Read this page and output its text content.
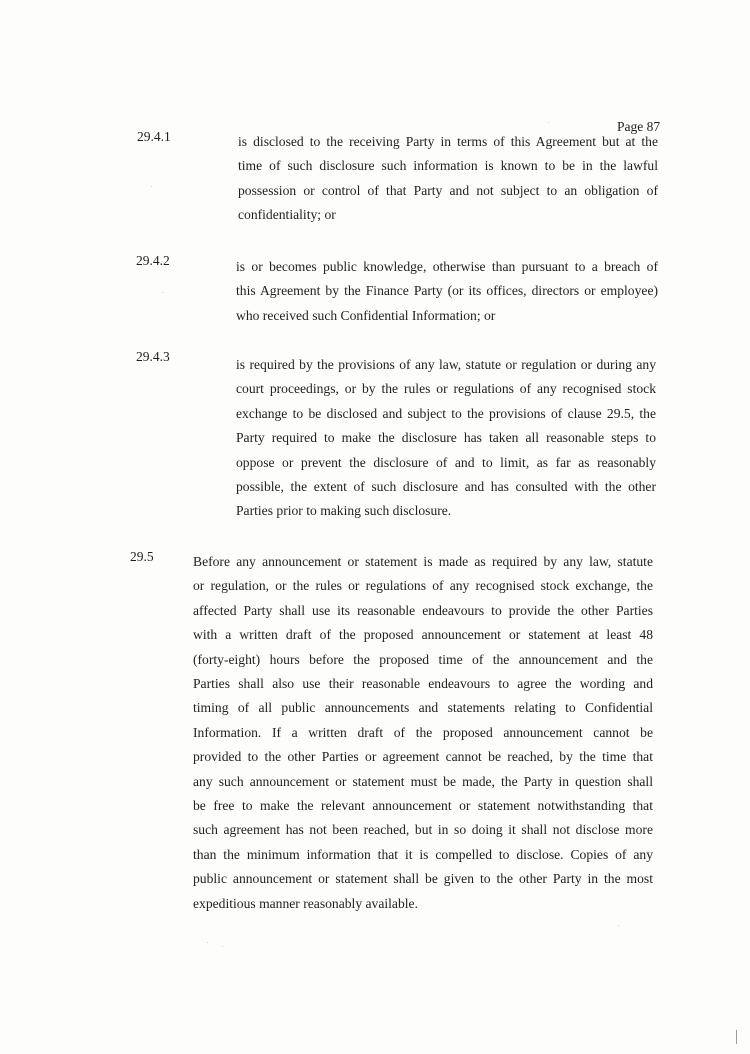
Page 87
29.4.1	is disclosed to the receiving Party in terms of this Agreement but at the
time of such disclosure such information is known to be in the lawful
possession or control of that Party and not subject to an obligation of
confidentiality; or
29.4.2	is or becomes public knowledge, otherwise than pursuant to a breach of
this Agreement by the Finance Party (or its offices, directors or employee)
who received such Confidential Information; or
29.4.3
is required by the provisions of any law, statute or regulation or during any
court proceedings, or by the rules or regulations of any recognised stock
exchange to be disclosed and subject to the provisions of clause 29.5, the
Party required to make the disclosure has taken all reasonable steps to
oppose or prevent the disclosure of and to limit, as far as reasonably
possible, the extent of such disclosure and has consulted with the other
Parties prior to making such disclosure.
29.5	Before any announcement or statement is made as required by any law, statute
or regulation, or the rules or regulations of any recognised stock exchange, the
affected Party shall use its reasonable endeavours to provide the other Parties
with a written draft of the proposed announcement or statement at least 48
(forty-eight) hours before the proposed time of the announcement and the
Parties shall also use their reasonable endeavours to agree the wording and
timing of all public announcements and statements relating to Confidential
Information. If a written draft of the proposed announcement cannot be
provided to the other Parties or agreement cannot be reached, by the time that
any such announcement or statement must be made, the Party in question shall
be free to make the relevant announcement or statement notwithstanding that
such agreement has not been reached, but in so doing it shall not disclose more
than the minimum information that it is compelled to disclose. Copies of any
public announcement or statement shall be given to the other Party in the most
expeditious manner reasonably available.
